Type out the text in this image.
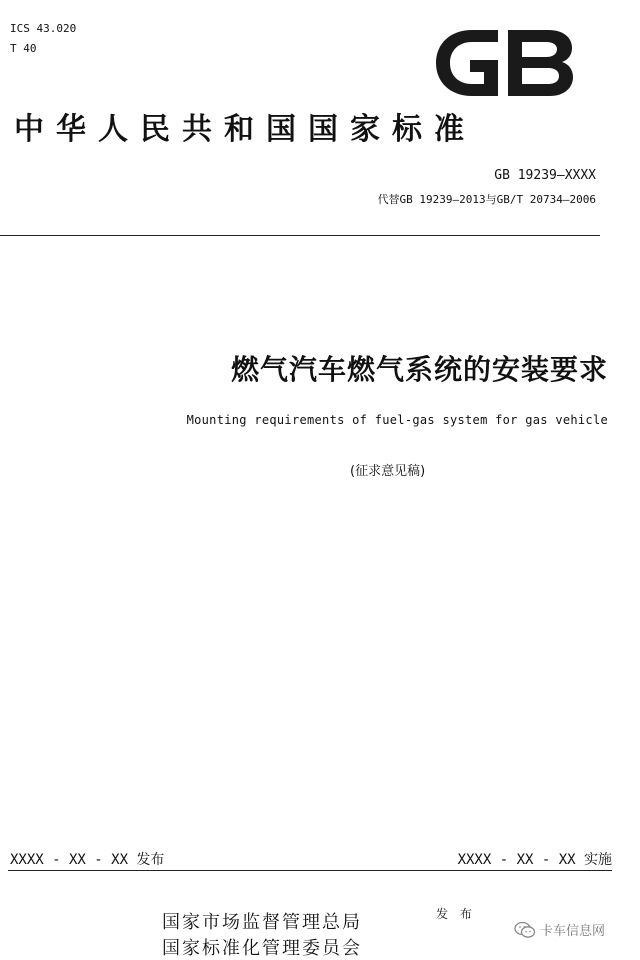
ICS 43.020
T 40
中华人民共和国国家标准
GB 19239—XXXX
代替GB 19239—2013与GB/T 20734—2006
燃气汽车燃气系统的安装要求
Mounting requirements of fuel-gas system for gas vehicle
(征求意见稿)
XXXX - XX - XX 发布	XXXX - XX - XX 实施
国家市场监督管理总局
国家标准化管理委员会
发 布
卡车信息网
